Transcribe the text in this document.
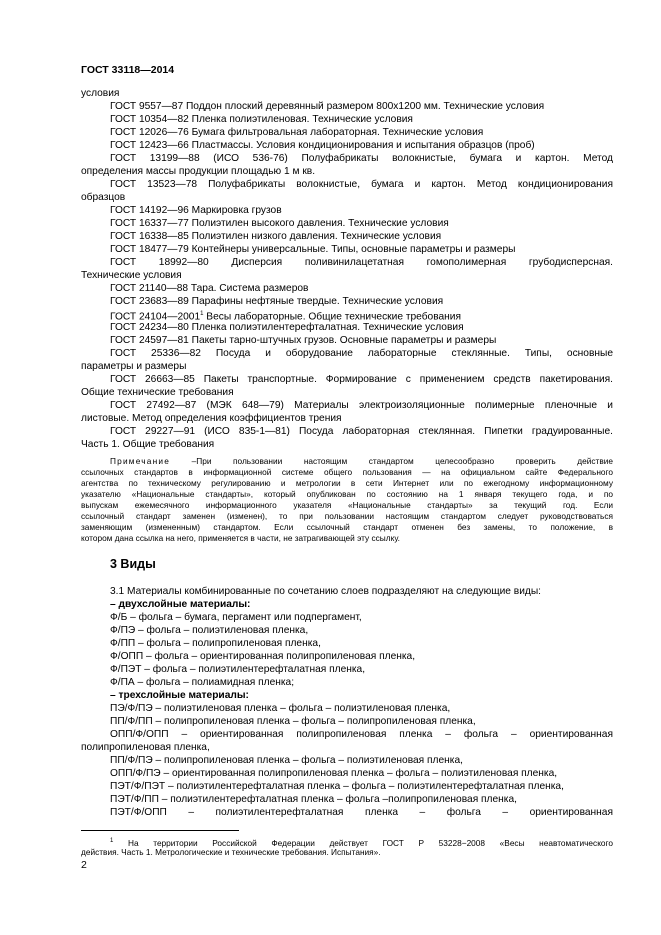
ГОСТ 33118—2014
условия
ГОСТ 9557—87 Поддон плоский деревянный размером 800х1200 мм. Технические условия
ГОСТ 10354—82 Пленка полиэтиленовая. Технические условия
ГОСТ 12026—76 Бумага фильтровальная лабораторная. Технические условия
ГОСТ 12423—66 Пластмассы. Условия кондиционирования и испытания образцов (проб)
ГОСТ 13199—88 (ИСО 536-76) Полуфабрикаты волокнистые, бумага и картон. Метод
определения массы продукции площадью 1 м кв.
ГОСТ 13523—78 Полуфабрикаты волокнистые, бумага и картон. Метод кондиционирования
образцов
ГОСТ 14192—96 Маркировка грузов
ГОСТ 16337—77 Полиэтилен высокого давления. Технические условия
ГОСТ 16338—85 Полиэтилен низкого давления. Технические условия
ГОСТ 18477—79 Контейнеры универсальные. Типы, основные параметры и размеры
ГОСТ 18992—80 Дисперсия поливинилацетатная гомополимерная грубодисперсная.
Технические условия
ГОСТ 21140—88 Тара. Система размеров
ГОСТ 23683—89 Парафины нефтяные твердые. Технические условия
ГОСТ 24104—2001$^1$ Весы лабораторные. Общие технические требования
ГОСТ 24234—80 Пленка полиэтилентерефталатная. Технические условия
ГОСТ 24597—81 Пакеты тарно-штучных грузов. Основные параметры и размеры
ГОСТ 25336—82 Посуда и оборудование лабораторные стеклянные. Типы, основные
параметры и размеры
ГОСТ 26663—85 Пакеты транспортные. Формирование с применением средств пакетирования.
Общие технические требования
ГОСТ 27492—87 (МЭК 648—79) Материалы электроизоляционные полимерные пленочные и
листовые. Метод определения коэффициентов трения
ГОСТ 29227—91 (ИСО 835-1—81) Посуда лабораторная стеклянная. Пипетки градуированные.
Часть 1. Общие требования
Примечание	–При пользовании настоящим стандартом целесообразно проверить действие
ссылочных стандартов в информационной системе общего пользования — на официальном сайте Федерального
агентства по техническому регулированию и метрологии в сети Интернет или по ежегодному информационному
указателю «Национальные стандарты», который опубликован по состоянию на 1 января текущего года, и по
выпускам ежемесячного информационного указателя «Национальные стандарты» за текущий год. Если
ссылочный стандарт заменен (изменен), то при пользовании настоящим стандартом следует руководствоваться
заменяющим (измененным) стандартом. Если ссылочный стандарт отменен без замены, то положение, в
котором дана ссылка на него, применяется в части, не затрагивающей эту ссылку.
3 Виды
3.1 Материалы комбинированные по сочетанию слоев подразделяют на следующие виды:
– двухслойные материалы:
Ф/Б – фольга – бумага, пергамент или подпергамент,
Ф/ПЭ – фольга – полиэтиленовая пленка,
Ф/ПП – фольга – полипропиленовая пленка,
Ф/ОПП – фольга – ориентированная полипропиленовая пленка,
Ф/ПЭТ – фольга – полиэтилентерефталатная пленка,
Ф/ПА – фольга – полиамидная пленка;
– трехслойные материалы:
ПЭ/Ф/ПЭ – полиэтиленовая пленка – фольга – полиэтиленовая пленка,
ПП/Ф/ПП – полипропиленовая пленка – фольга – полипропиленовая пленка,
ОПП/Ф/ОПП – ориентированная полипропиленовая пленка – фольга – ориентированная
полипропиленовая пленка,
ПП/Ф/ПЭ – полипропиленовая пленка – фольга – полиэтиленовая пленка,
ОПП/Ф/ПЭ – ориентированная полипропиленовая пленка – фольга – полиэтиленовая пленка,
ПЭТ/Ф/ПЭТ – полиэтилентерефталатная пленка – фольга – полиэтилентерефталатная пленка,
ПЭТ/Ф/ПП – полиэтилентерефталатная пленка – фольга –полипропиленовая пленка,
ПЭТ/Ф/ОПП – полиэтилентерефталатная пленка – фольга – ориентированная
$^1$ На территории Российской Федерации действует ГОСТ Р 53228−2008 «Весы неавтоматического
действия. Часть 1. Метрологические и технические требования. Испытания».
2
